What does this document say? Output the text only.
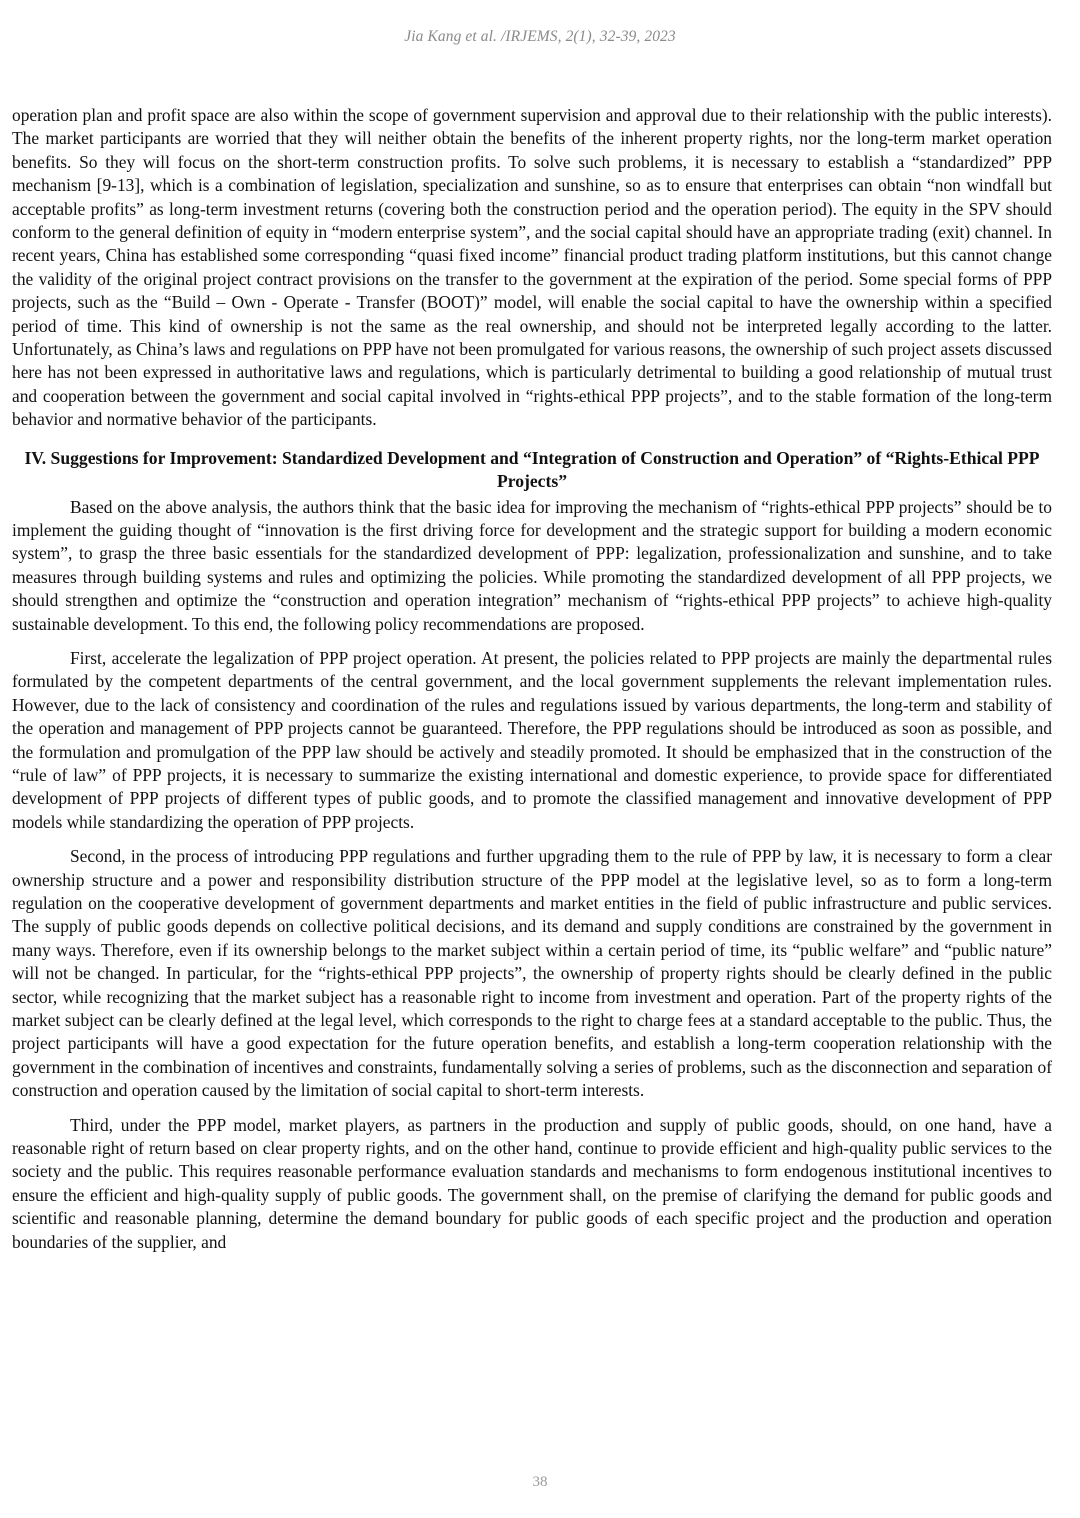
Jia Kang et al. /IRJEMS, 2(1), 32-39, 2023

operation plan and profit space are also within the scope of government supervision and approval due to their relationship with the public interests). The market participants are worried that they will neither obtain the benefits of the inherent property rights, nor the long-term market operation benefits. So they will focus on the short-term construction profits. To solve such problems, it is necessary to establish a “standardized” PPP mechanism [9-13], which is a combination of legislation, specialization and sunshine, so as to ensure that enterprises can obtain “non windfall but acceptable profits” as long-term investment returns (covering both the construction period and the operation period). The equity in the SPV should conform to the general definition of equity in “modern enterprise system”, and the social capital should have an appropriate trading (exit) channel. In recent years, China has established some corresponding “quasi fixed income” financial product trading platform institutions, but this cannot change the validity of the original project contract provisions on the transfer to the government at the expiration of the period. Some special forms of PPP projects, such as the “Build – Own - Operate - Transfer (BOOT)” model, will enable the social capital to have the ownership within a specified period of time. This kind of ownership is not the same as the real ownership, and should not be interpreted legally according to the latter. Unfortunately, as China’s laws and regulations on PPP have not been promulgated for various reasons, the ownership of such project assets discussed here has not been expressed in authoritative laws and regulations, which is particularly detrimental to building a good relationship of mutual trust and cooperation between the government and social capital involved in “rights-ethical PPP projects”, and to the stable formation of the long-term behavior and normative behavior of the participants.

IV. Suggestions for Improvement: Standardized Development and “Integration of Construction and Operation” of “Rights-Ethical PPP Projects”

Based on the above analysis, the authors think that the basic idea for improving the mechanism of “rights-ethical PPP projects” should be to implement the guiding thought of “innovation is the first driving force for development and the strategic support for building a modern economic system”, to grasp the three basic essentials for the standardized development of PPP: legalization, professionalization and sunshine, and to take measures through building systems and rules and optimizing the policies. While promoting the standardized development of all PPP projects, we should strengthen and optimize the “construction and operation integration” mechanism of “rights-ethical PPP projects” to achieve high-quality sustainable development. To this end, the following policy recommendations are proposed.

First, accelerate the legalization of PPP project operation. At present, the policies related to PPP projects are mainly the departmental rules formulated by the competent departments of the central government, and the local government supplements the relevant implementation rules. However, due to the lack of consistency and coordination of the rules and regulations issued by various departments, the long-term and stability of the operation and management of PPP projects cannot be guaranteed. Therefore, the PPP regulations should be introduced as soon as possible, and the formulation and promulgation of the PPP law should be actively and steadily promoted. It should be emphasized that in the construction of the “rule of law” of PPP projects, it is necessary to summarize the existing international and domestic experience, to provide space for differentiated development of PPP projects of different types of public goods, and to promote the classified management and innovative development of PPP models while standardizing the operation of PPP projects.

Second, in the process of introducing PPP regulations and further upgrading them to the rule of PPP by law, it is necessary to form a clear ownership structure and a power and responsibility distribution structure of the PPP model at the legislative level, so as to form a long-term regulation on the cooperative development of government departments and market entities in the field of public infrastructure and public services. The supply of public goods depends on collective political decisions, and its demand and supply conditions are constrained by the government in many ways. Therefore, even if its ownership belongs to the market subject within a certain period of time, its “public welfare” and “public nature” will not be changed. In particular, for the “rights-ethical PPP projects”, the ownership of property rights should be clearly defined in the public sector, while recognizing that the market subject has a reasonable right to income from investment and operation. Part of the property rights of the market subject can be clearly defined at the legal level, which corresponds to the right to charge fees at a standard acceptable to the public. Thus, the project participants will have a good expectation for the future operation benefits, and establish a long-term cooperation relationship with the government in the combination of incentives and constraints, fundamentally solving a series of problems, such as the disconnection and separation of construction and operation caused by the limitation of social capital to short-term interests.

Third, under the PPP model, market players, as partners in the production and supply of public goods, should, on one hand, have a reasonable right of return based on clear property rights, and on the other hand, continue to provide efficient and high-quality public services to the society and the public. This requires reasonable performance evaluation standards and mechanisms to form endogenous institutional incentives to ensure the efficient and high-quality supply of public goods. The government shall, on the premise of clarifying the demand for public goods and scientific and reasonable planning, determine the demand boundary for public goods of each specific project and the production and operation boundaries of the supplier, and

38
